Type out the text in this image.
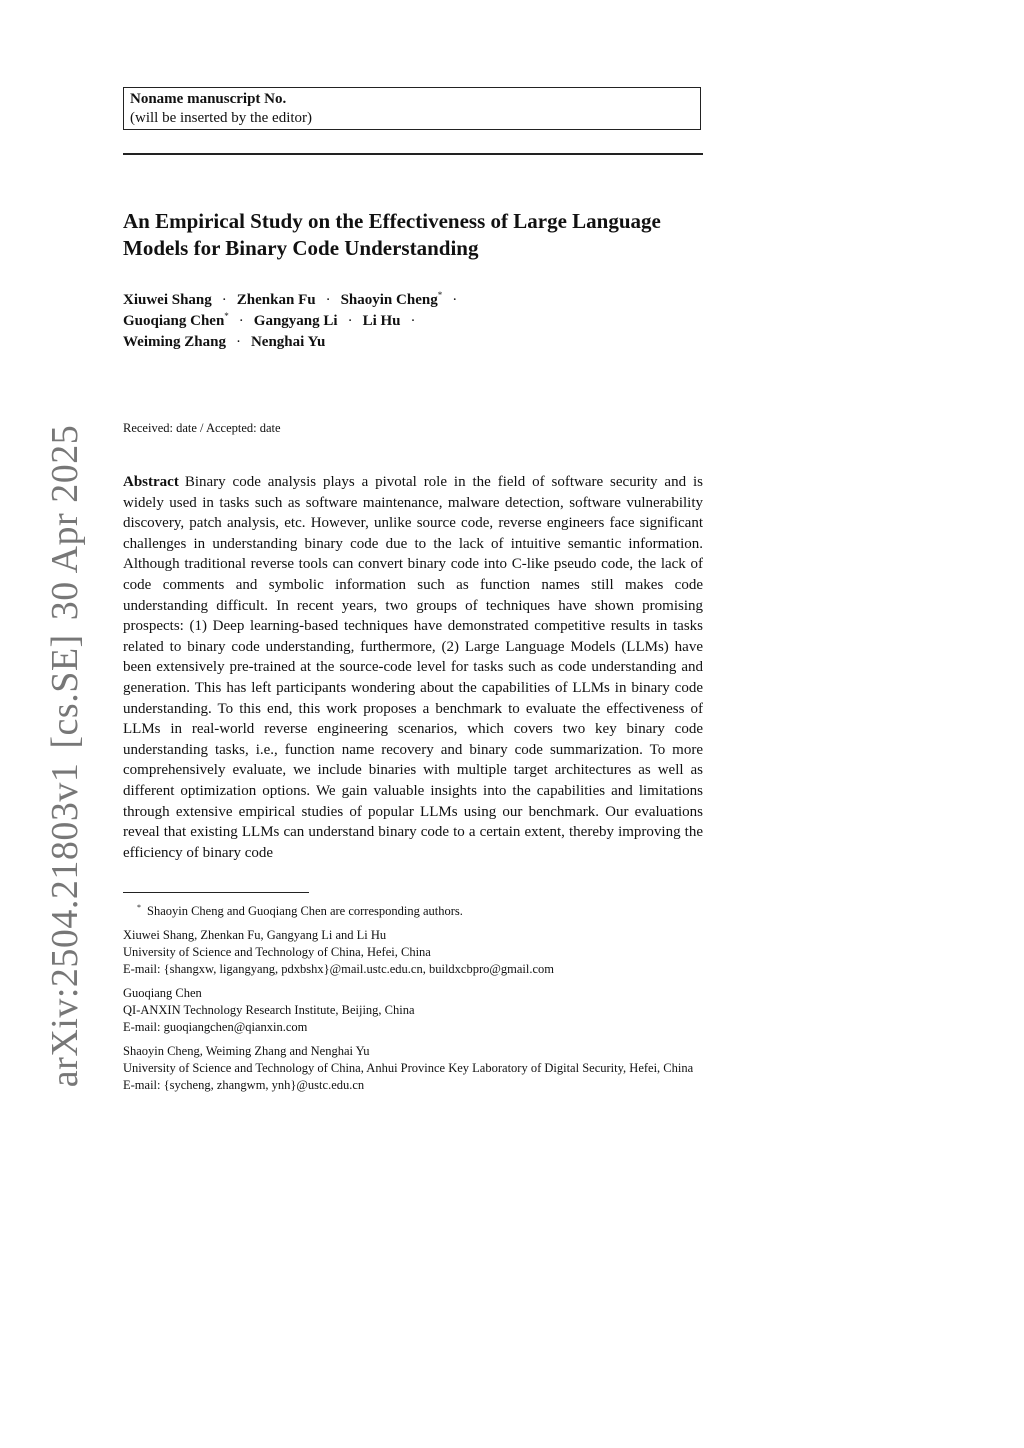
arXiv:2504.21803v1[cs.SE]30 Apr 2025
Noname manuscript No.
(will be inserted by the editor)
An Empirical Study on the Effectiveness of Large Language
Models for Binary Code Understanding
Xiuwei Shang · Zhenkan Fu · Shaoyin Cheng* ·
Guoqiang Chen* · Gangyang Li · Li Hu ·
Weiming Zhang · Nenghai Yu
Received: date / Accepted: date

Abstract Binary code analysis plays a pivotal role in the field of software security and is widely used in tasks such as software maintenance, malware detection, software vulnerability discovery, patch analysis, etc. However, unlike source code, reverse engineers face significant challenges in understanding binary code due to the lack of intuitive semantic information. Although traditional reverse tools can convert binary code into C-like pseudo code, the lack of code comments and symbolic information such as function names still makes code understanding difficult. In recent years, two groups of techniques have shown promising prospects: (1) Deep learning-based techniques have demonstrated competitive results in tasks related to binary code understanding, furthermore, (2) Large Language Models (LLMs) have been extensively pre-trained at the source-code level for tasks such as code understanding and generation. This has left participants wondering about the capabilities of LLMs in binary code understanding. To this end, this work proposes a benchmark to evaluate the effectiveness of LLMs in real-world reverse engineering scenarios, which covers two key binary code understanding tasks, i.e., function name recovery and binary code summarization. To more comprehensively evaluate, we include binaries with multiple target architectures as well as different optimization options. We gain valuable insights into the capabilities and limitations through extensive empirical studies of popular LLMs using our benchmark. Our evaluations reveal that existing LLMs can understand binary code to a certain extent, thereby improving the efficiency of binary code

* Shaoyin Cheng and Guoqiang Chen are corresponding authors.
Xiuwei Shang, Zhenkan Fu, Gangyang Li and Li Hu
University of Science and Technology of China, Hefei, China
E-mail: {shangxw, ligangyang, pdxbshx}@mail.ustc.edu.cn, buildxcbpro@gmail.com
Guoqiang Chen
QI-ANXIN Technology Research Institute, Beijing, China
E-mail: guoqiangchen@qianxin.com
Shaoyin Cheng, Weiming Zhang and Nenghai Yu
University of Science and Technology of China, Anhui Province Key Laboratory of Digital Security, Hefei, China
E-mail: {sycheng, zhangwm, ynh}@ustc.edu.cn
